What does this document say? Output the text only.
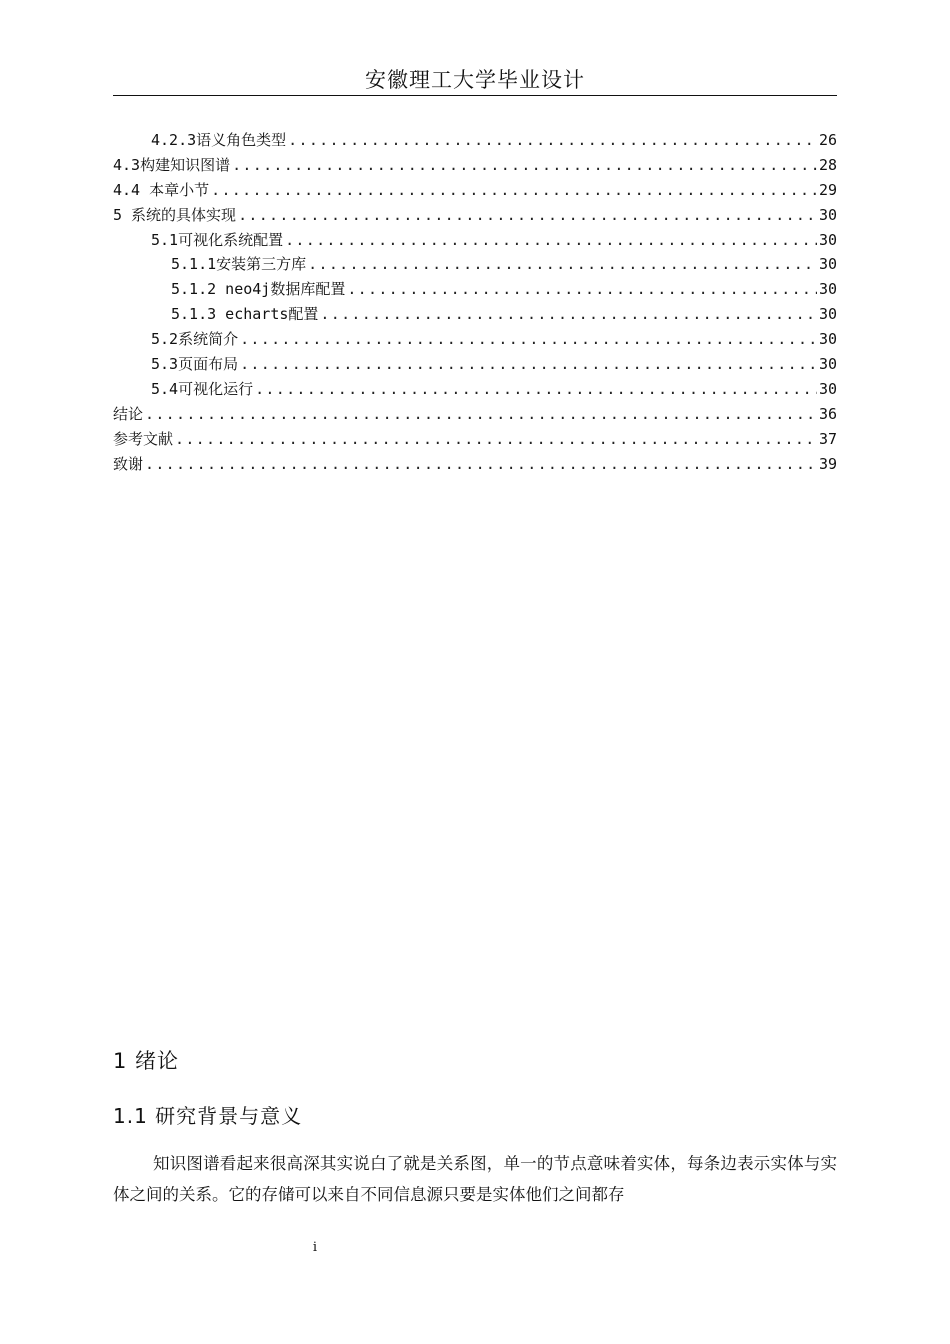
安徽理工大学毕业设计
4.2.3语义角色类型 .....	26
4.3构建知识图谱 .....	28
4.4 本章小节 .....	29
5 系统的具体实现 .....	30
5.1可视化系统配置 .....	30
5.1.1安装第三方库 .....	30
5.1.2 neo4j数据库配置 .....	30
5.1.3 echarts配置 .....	30
5.2系统简介 .....	30
5.3页面布局 .....	30
5.4可视化运行 .....	30
结论 .....	36
参考文献 .....	37
致谢 .....	39
1 绪论
1.1 研究背景与意义
知识图谱看起来很高深其实说白了就是关系图，单一的节点意味着实体，每条边表示实体与实体之间的关系。它的存储可以来自不同信息源只要是实体他们之间都存
i
